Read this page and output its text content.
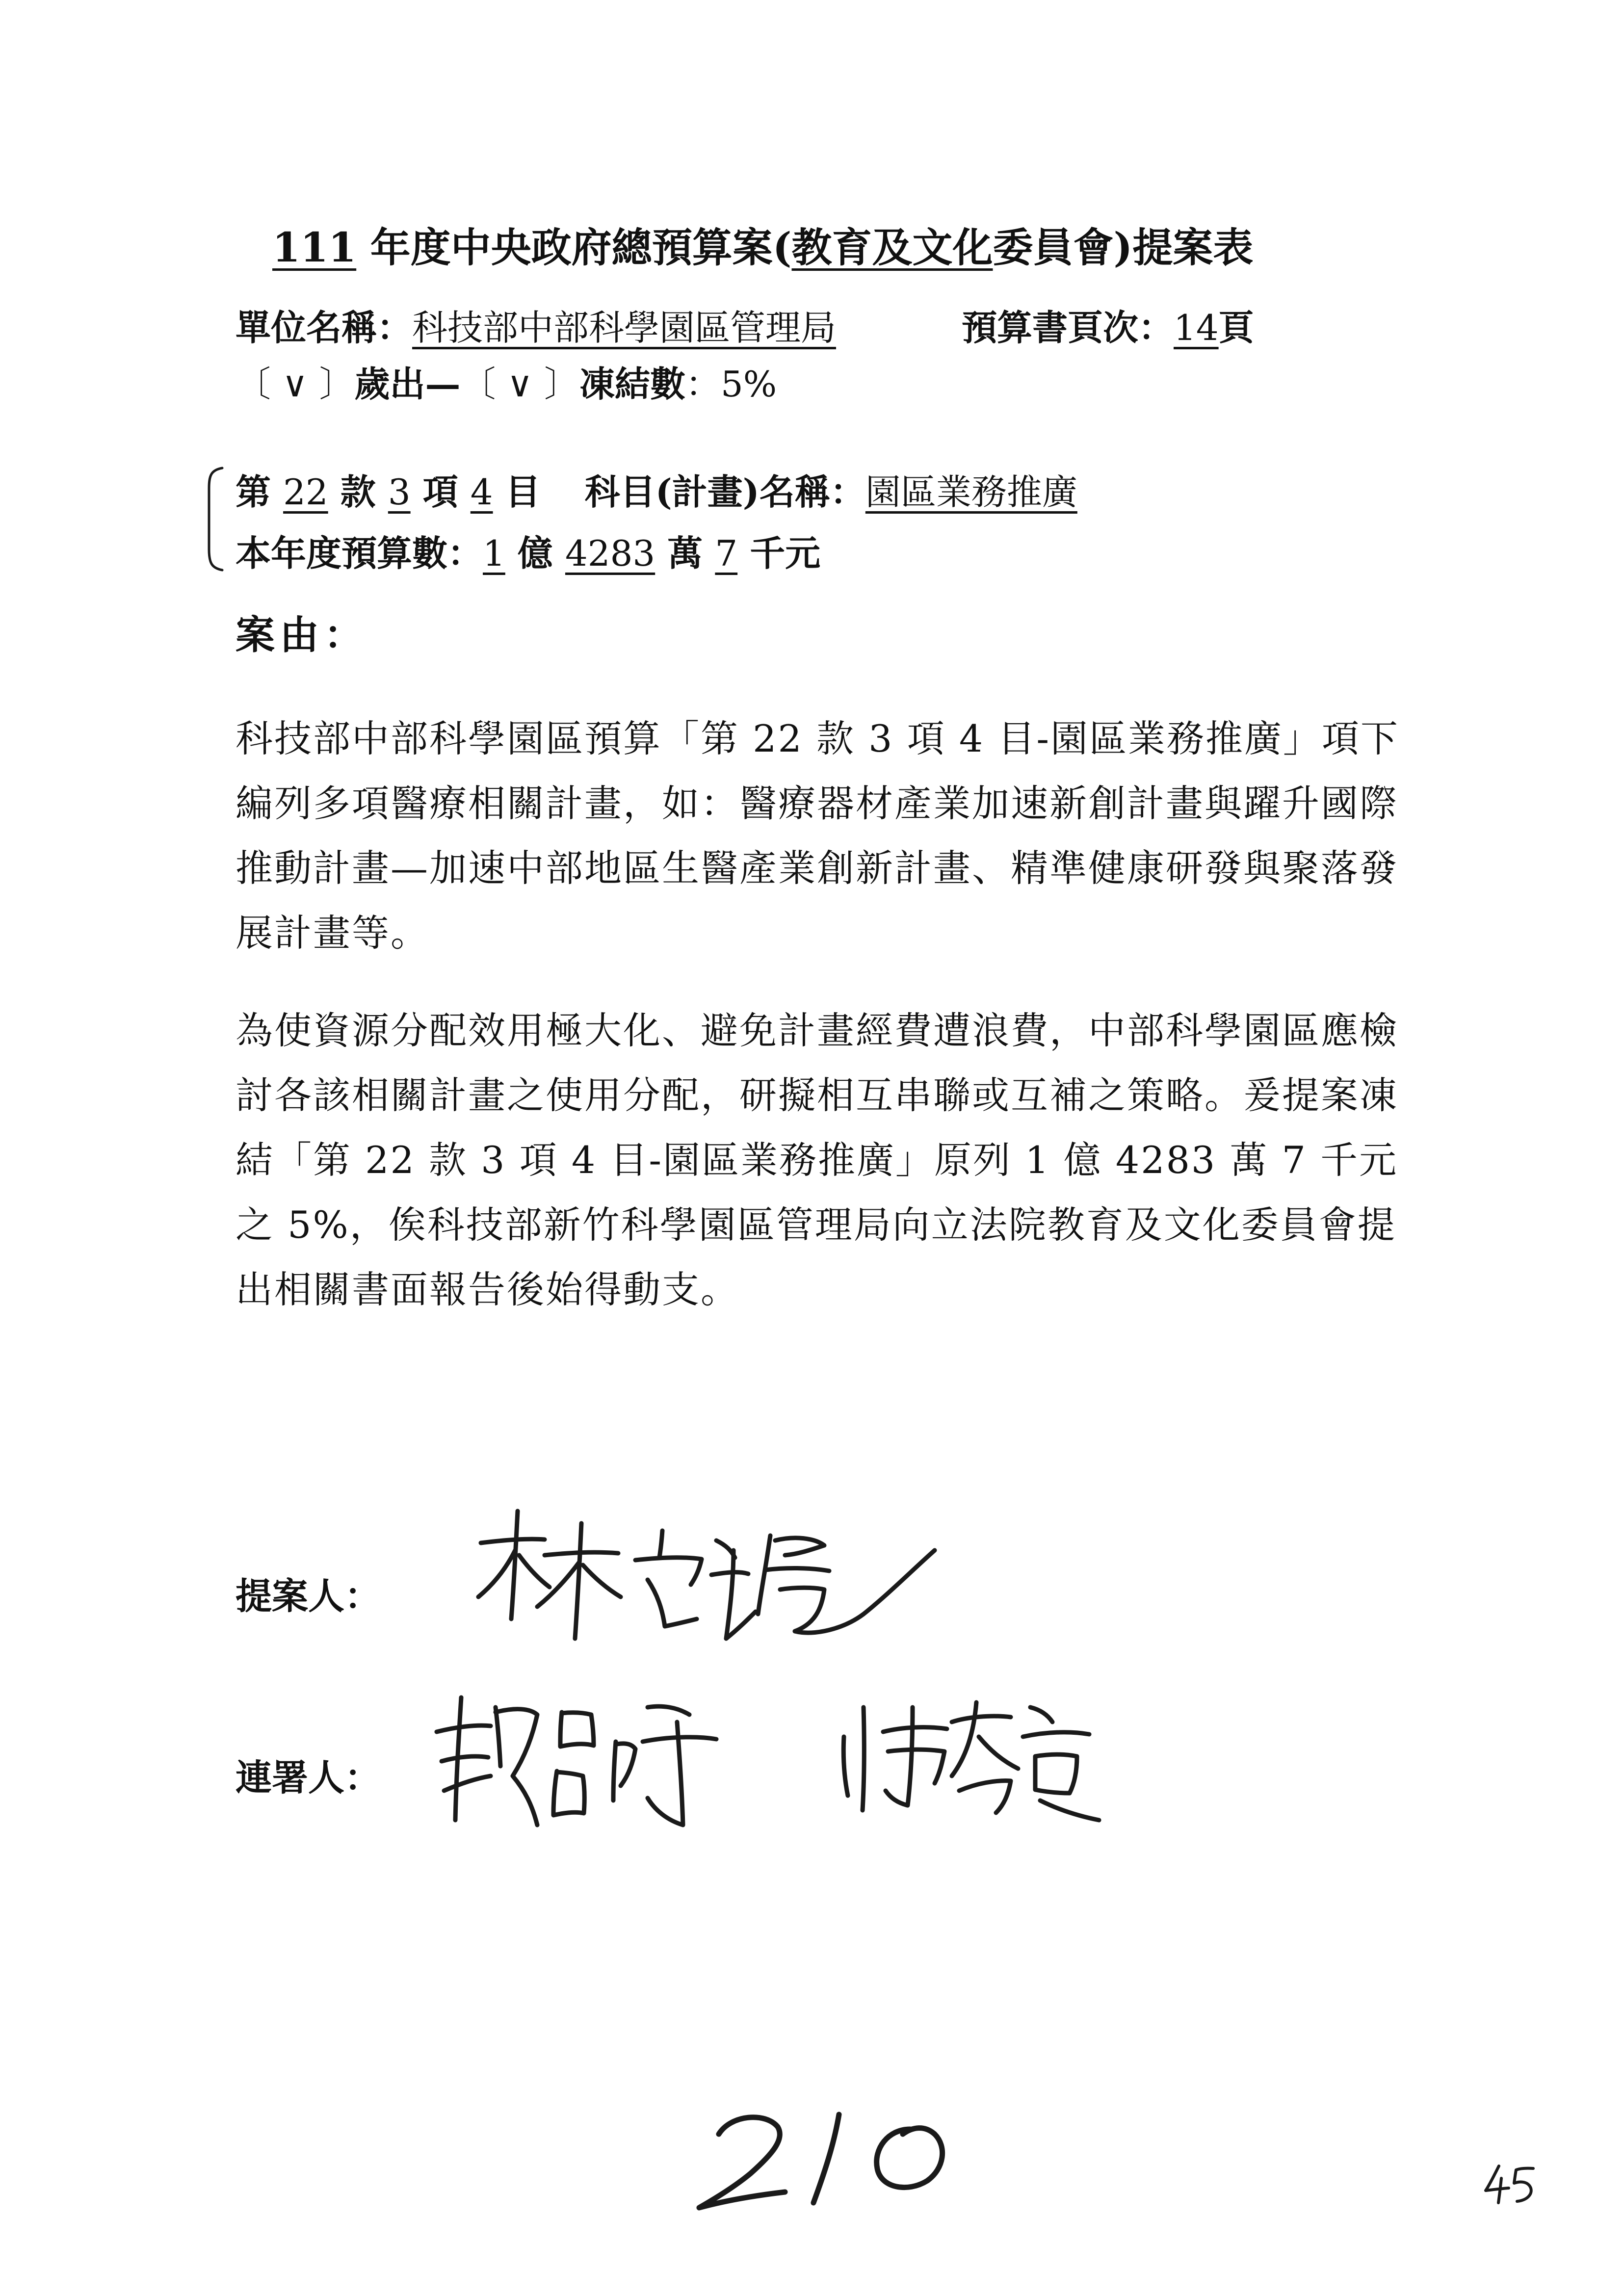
111 年度中央政府總預算案(教育及文化委員會)提案表
單位名稱：科技部中部科學園區管理局	預算書頁次：14頁
〔 ∨ 〕歲出—〔 ∨ 〕凍結數：5%
第 22 款 3 項 4 目 科目(計畫)名稱：園區業務推廣
本年度預算數：1 億 4283 萬 7 千元
案由：
科技部中部科學園區預算「第 22 款 3 項 4 目-園區業務推廣」項下編列多項醫療相關計畫，如：醫療器材產業加速新創計畫與躍升國際推動計畫—加速中部地區生醫產業創新計畫、精準健康研發與聚落發展計畫等。
為使資源分配效用極大化、避免計畫經費遭浪費，中部科學園區應檢討各該相關計畫之使用分配，研擬相互串聯或互補之策略。爰提案凍結「第 22 款 3 項 4 目-園區業務推廣」原列 1 億 4283 萬 7 千元之 5%，俟科技部新竹科學園區管理局向立法院教育及文化委員會提出相關書面報告後始得動支。
提案人：
連署人：
